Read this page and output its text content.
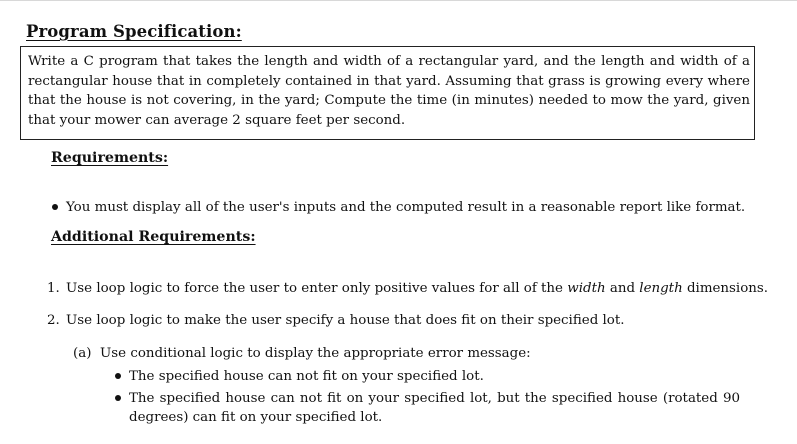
Program Specification:
Write a C program that takes the length and width of a rectangular yard, and the length and width of a
rectangular house that in completely contained in that yard. Assuming that grass is growing every where
that the house is not covering, in the yard; Compute the time (in minutes) needed to mow the yard, given
that your mower can average 2 square feet per second.
Requirements:
You must display all of the user's inputs and the computed result in a reasonable report like format.
Additional Requirements:
1. Use loop logic to force the user to enter only positive values for all of the width and length dimensions.
2. Use loop logic to make the user specify a house that does fit on their specified lot.
(a) Use conditional logic to display the appropriate error message:
The specified house can not fit on your specified lot.
The specified house can not fit on your specified lot, but the specified house (rotated 90
degrees) can fit on your specified lot.
